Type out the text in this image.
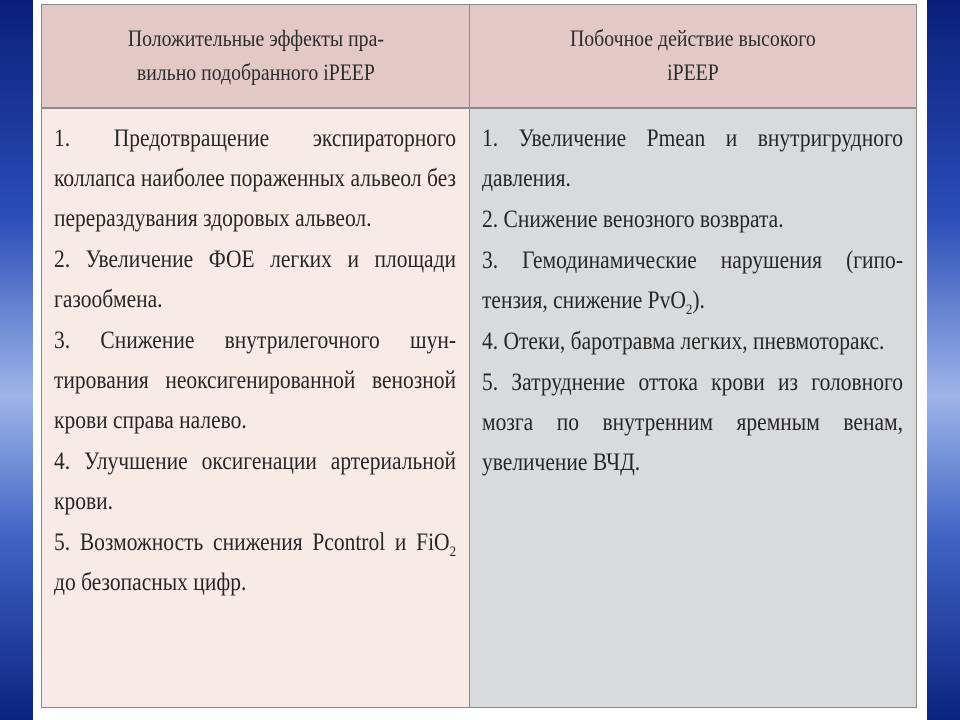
Положительные эффекты пра-
вильно подобранного iPEEP
Побочное действие высокого
iPEEP

1. Предотвращение экспираторного коллапса наиболее пораженных альвеол без перераздувания здоровых альвеол.

2. Увеличение ФОЕ легких и площади газообмена.

3. Снижение внутрилегочного шунтирования неоксигенированной венозной крови справа налево.

4. Улучшение оксигенации артериальной крови.

5. Возможность снижения Pcontrol и FiO$_2$ до безопасных цифр.

1. Увеличение Pmean и внутригрудного давления.

2. Снижение венозного возврата.

3. Гемодинамические нарушения (гипотензия, снижение PvO$_2$).

4. Отеки, баротравма легких, пневмоторакс.

5. Затруднение оттока крови из головного мозга по внутренним яремным венам, увеличение ВЧД.
